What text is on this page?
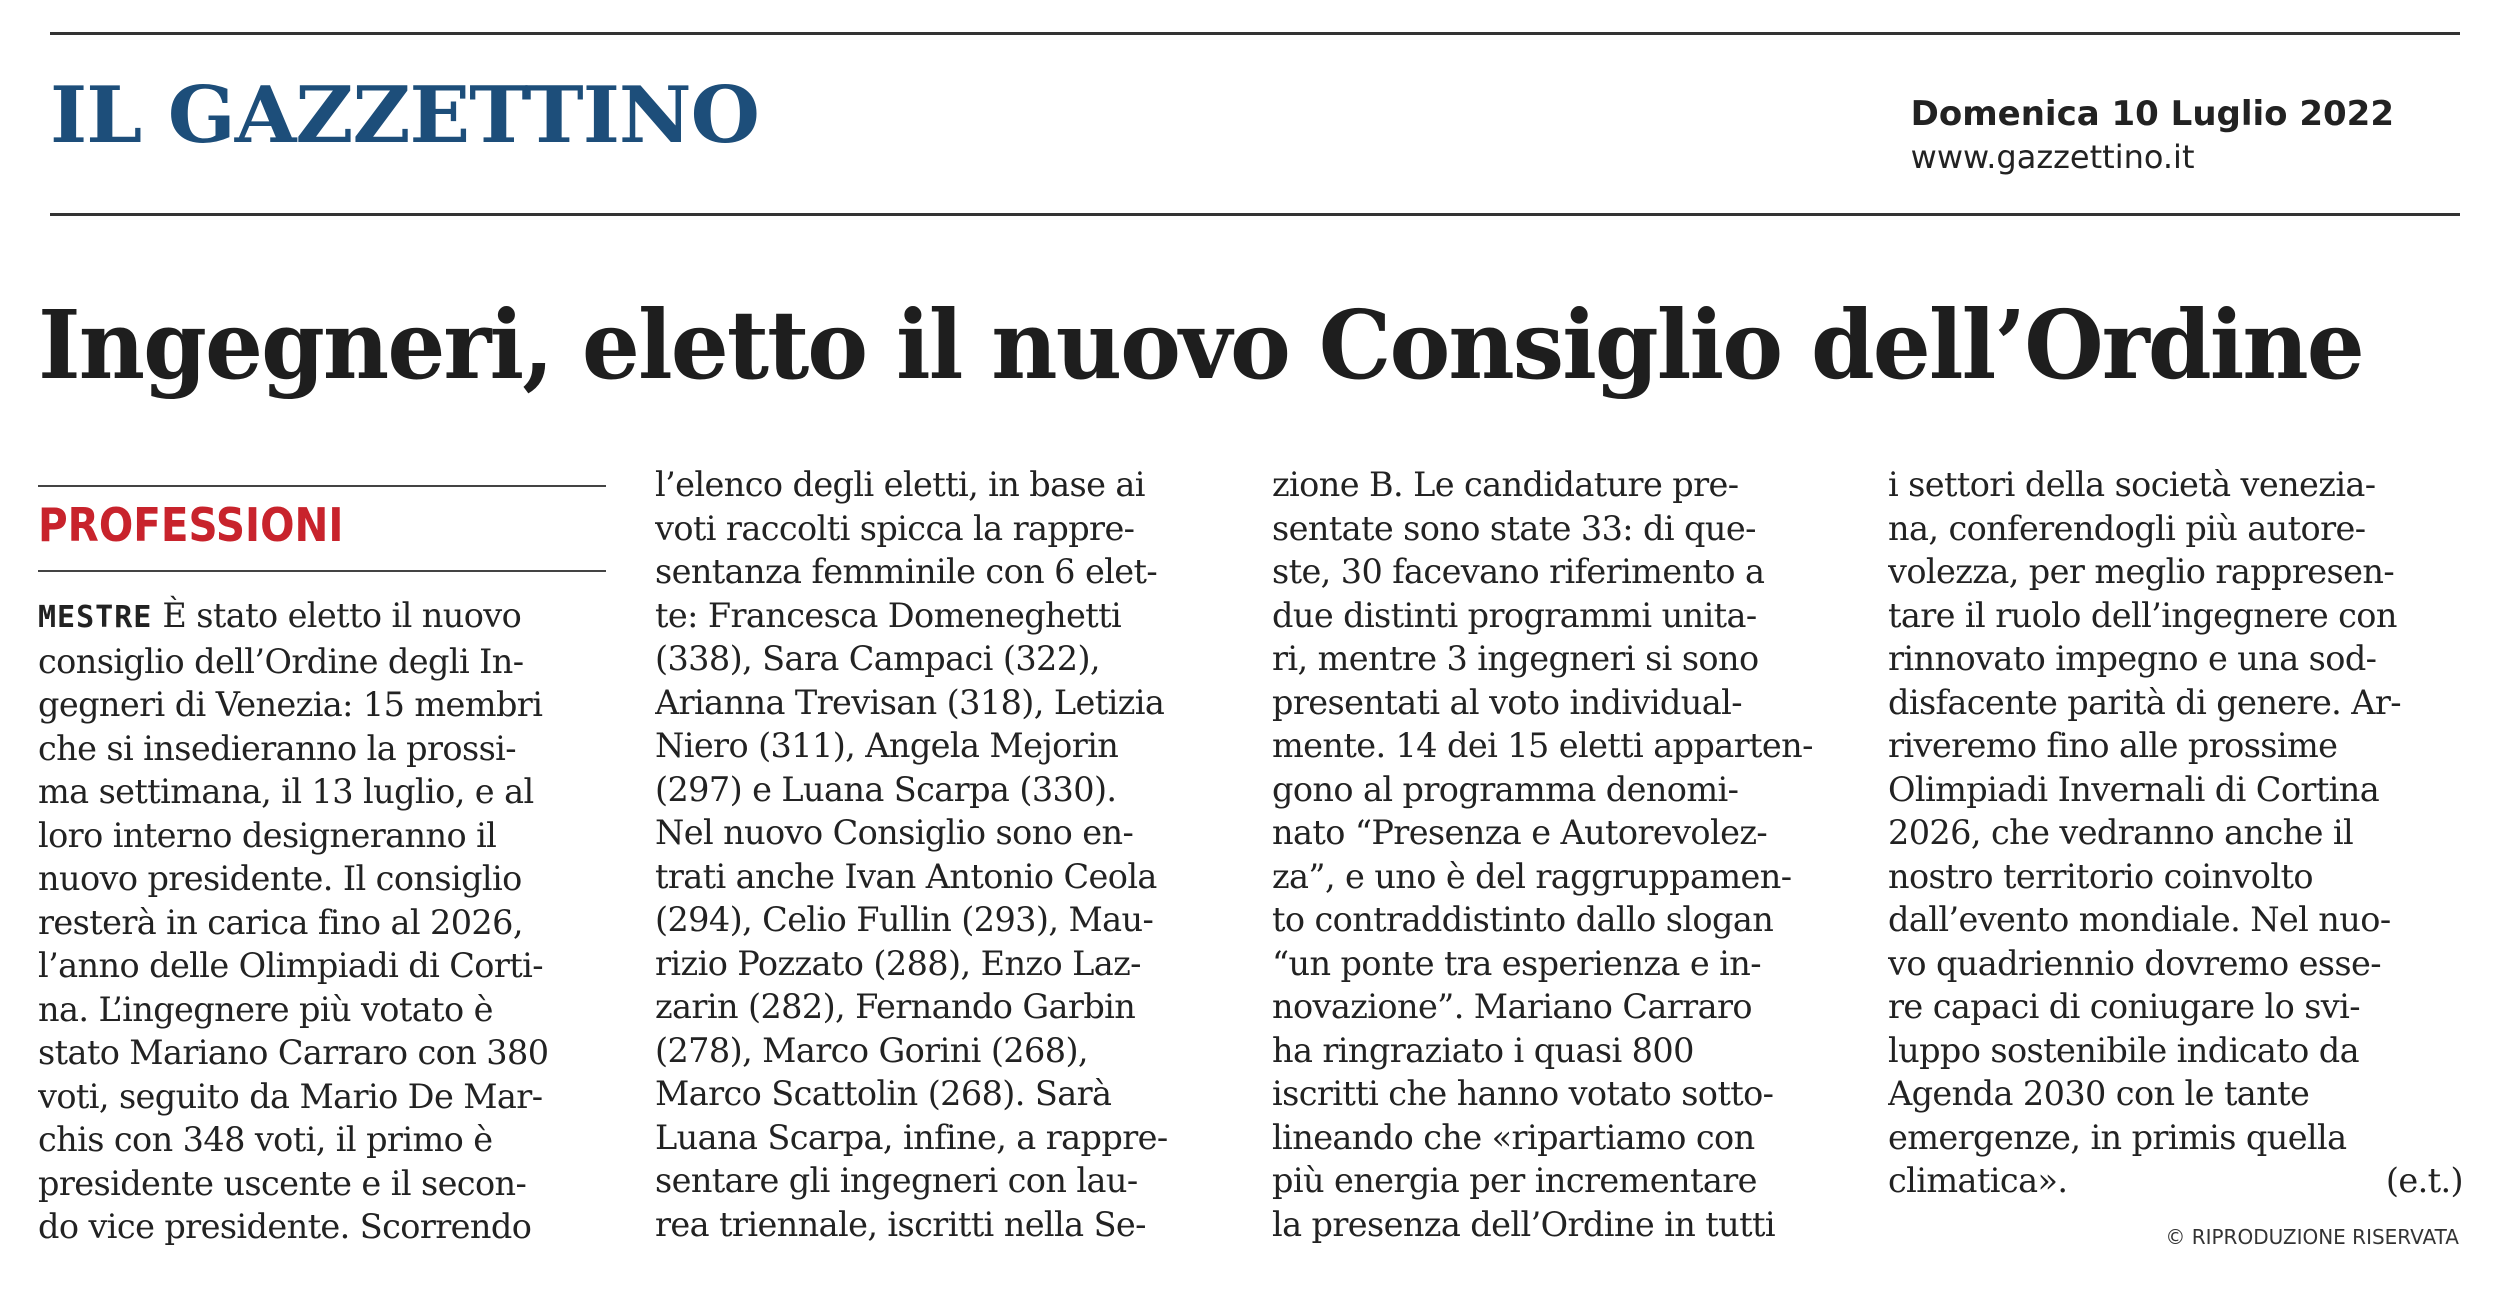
IL GAZZETTINO	Domenica 10 Luglio 2022
www.gazzettino.it
Ingegneri, eletto il nuovo Consiglio dell’Ordine
PROFESSIONI
MESTRE È stato eletto il nuovo
consiglio dell’Ordine degli In-
gegneri di Venezia: 15 membri
che si insedieranno la prossi-
ma settimana, il 13 luglio, e al
loro interno designeranno il
nuovo presidente. Il consiglio
resterà in carica fino al 2026,
l’anno delle Olimpiadi di Corti-
na. L’ingegnere più votato è
stato Mariano Carraro con 380
voti, seguito da Mario De Mar-
chis con 348 voti, il primo è
presidente uscente e il secon-
do vice presidente. Scorrendo
l’elenco degli eletti, in base ai
voti raccolti spicca la rappre-
sentanza femminile con 6 elet-
te: Francesca Domeneghetti
(338), Sara Campaci (322),
Arianna Trevisan (318), Letizia
Niero (311), Angela Mejorin
(297) e Luana Scarpa (330).
Nel nuovo Consiglio sono en-
trati anche Ivan Antonio Ceola
(294), Celio Fullin (293), Mau-
rizio Pozzato (288), Enzo Laz-
zarin (282), Fernando Garbin
(278), Marco Gorini (268),
Marco Scattolin (268). Sarà
Luana Scarpa, infine, a rappre-
sentare gli ingegneri con lau-
rea triennale, iscritti nella Se-
zione B. Le candidature pre-
sentate sono state 33: di que-
ste, 30 facevano riferimento a
due distinti programmi unita-
ri, mentre 3 ingegneri si sono
presentati al voto individual-
mente. 14 dei 15 eletti apparten-
gono al programma denomi-
nato “Presenza e Autorevolez-
za”, e uno è del raggruppamen-
to contraddistinto dallo slogan
“un ponte tra esperienza e in-
novazione”. Mariano Carraro
ha ringraziato i quasi 800
iscritti che hanno votato sotto-
lineando che «ripartiamo con
più energia per incrementare
la presenza dell’Ordine in tutti
i settori della società venezia-
na, conferendogli più autore-
volezza, per meglio rappresen-
tare il ruolo dell’ingegnere con
rinnovato impegno e una sod-
disfacente parità di genere. Ar-
riveremo fino alle prossime
Olimpiadi Invernali di Cortina
2026, che vedranno anche il
nostro territorio coinvolto
dall’evento mondiale. Nel nuo-
vo quadriennio dovremo esse-
re capaci di coniugare lo svi-
luppo sostenibile indicato da
Agenda 2030 con le tante
emergenze, in primis quella
climatica».	(e.t.)
© RIPRODUZIONE RISERVATA
